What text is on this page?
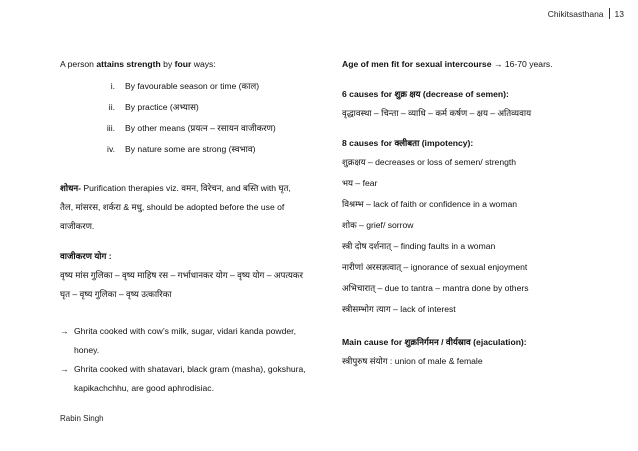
Chikitsasthana 13
A person attains strength by four ways:
i.	By favourable season or time (काल)
ii.	By practice (अभ्यास)
iii.	By other means (प्रयत्न – रसायन वाजीकरण)
iv.	By nature some are strong (स्वभाव)
शोधन- Purification therapies viz. वमन, विरेचन, and बस्ति with घृत,
तैल, मांसरस, शर्करा & मधु, should be adopted before the use of
वाजीकरण.
वाजीकरण योग :
वृष्य मांस गुलिका – वृष्य माहिष रस – गर्भाधानकर योग – वृष्य योग – अपत्यकर
घृत – वृष्य गुलिका – वृष्य उत्कारिका
→ Ghrita cooked with cow’s milk, sugar, vidari kanda powder,
honey.
→ Ghrita cooked with shatavari, black gram (masha), gokshura,
kapikachchhu, are good aphrodisiac.
Age of men fit for sexual intercourse → 16-70 years.
6 causes for शुक्र क्षय (decrease of semen):
वृद्धावस्था – चिन्ता – व्याधि – कर्म कर्षण – क्षय – अतिव्यवाय
8 causes for क्लीबता (impotency):
शुक्रक्षय – decreases or loss of semen/ strength
भय – fear
विश्रम्भ – lack of faith or confidence in a woman
शोक – grief/ sorrow
स्त्री दोष दर्शनात् – finding faults in a woman
नारीणां अरसज्ञत्वात् – ignorance of sexual enjoyment
अभिचारात् – due to tantra – mantra done by others
स्त्रीसम्भोग त्याग – lack of interest
Main cause for शुक्रनिर्गमन / वीर्यस्राव (ejaculation):
स्त्रीपुरुष संयोग : union of male & female
Rabin Singh
